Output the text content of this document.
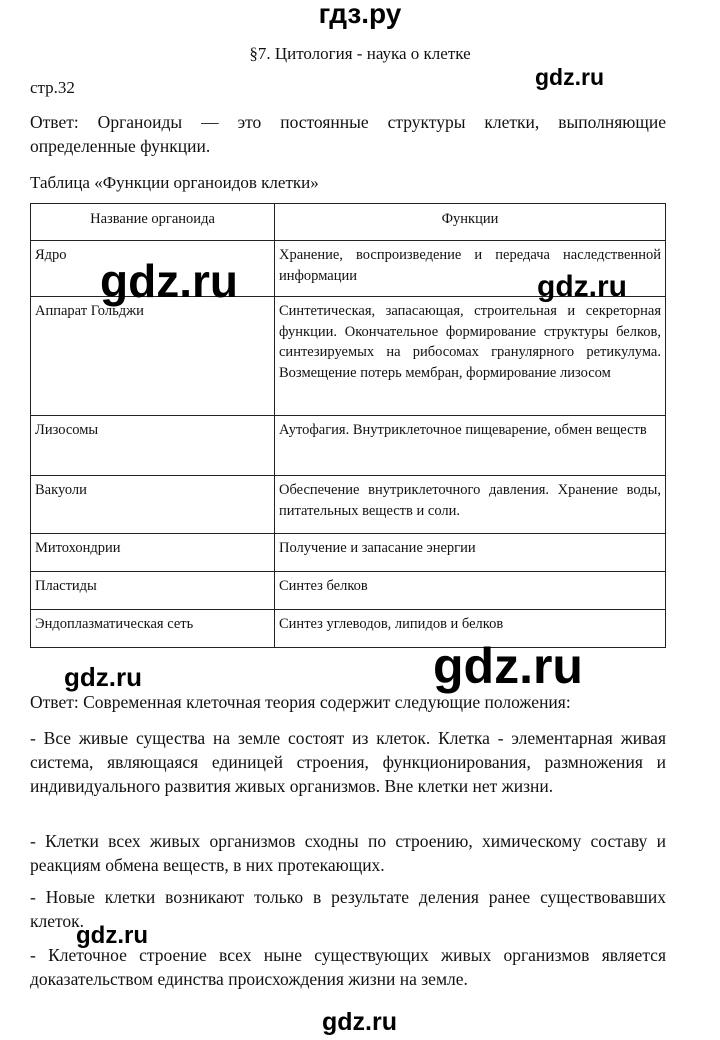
гдз.ру
§7. Цитология - наука о клетке
стр.32
Ответ: Органоиды — это постоянные структуры клетки, выполняющие определенные функции.
Таблица «Функции органоидов клетки»
Название органоида	Функции
Ядро	Хранение, воспроизведение и передача наследственной информации
Аппарат Гольджи	Синтетическая, запасающая, строительная и секреторная функции. Окончательное формирование структуры белков, синтезируемых на рибосомах гранулярного ретикулума. Возмещение потерь мембран, формирование лизосом
Лизосомы	Аутофагия. Внутриклеточное пищеварение, обмен веществ
Вакуоли	Обеспечение внутриклеточного давления. Хранение воды, питательных веществ и соли.
Митохондрии	Получение и запасание энергии
Пластиды	Синтез белков
Эндоплазматическая сеть	Синтез углеводов, липидов и белков
Ответ: Современная клеточная теория содержит следующие положения:
- Все живые существа на земле состоят из клеток. Клетка - элементарная живая система, являющаяся единицей строения, функционирования, размножения и индивидуального развития живых организмов. Вне клетки нет жизни.
- Клетки всех живых организмов сходны по строению, химическому составу и реакциям обмена веществ, в них протекающих.
- Новые клетки возникают только в результате деления ранее существовавших клеток.
- Клеточное строение всех ныне существующих живых организмов является доказательством единства происхождения жизни на земле.
gdz.ru
gdz.ru	gdz.ru
gdz.ru
gdz.ru
gdz.ru
gdz.ru
